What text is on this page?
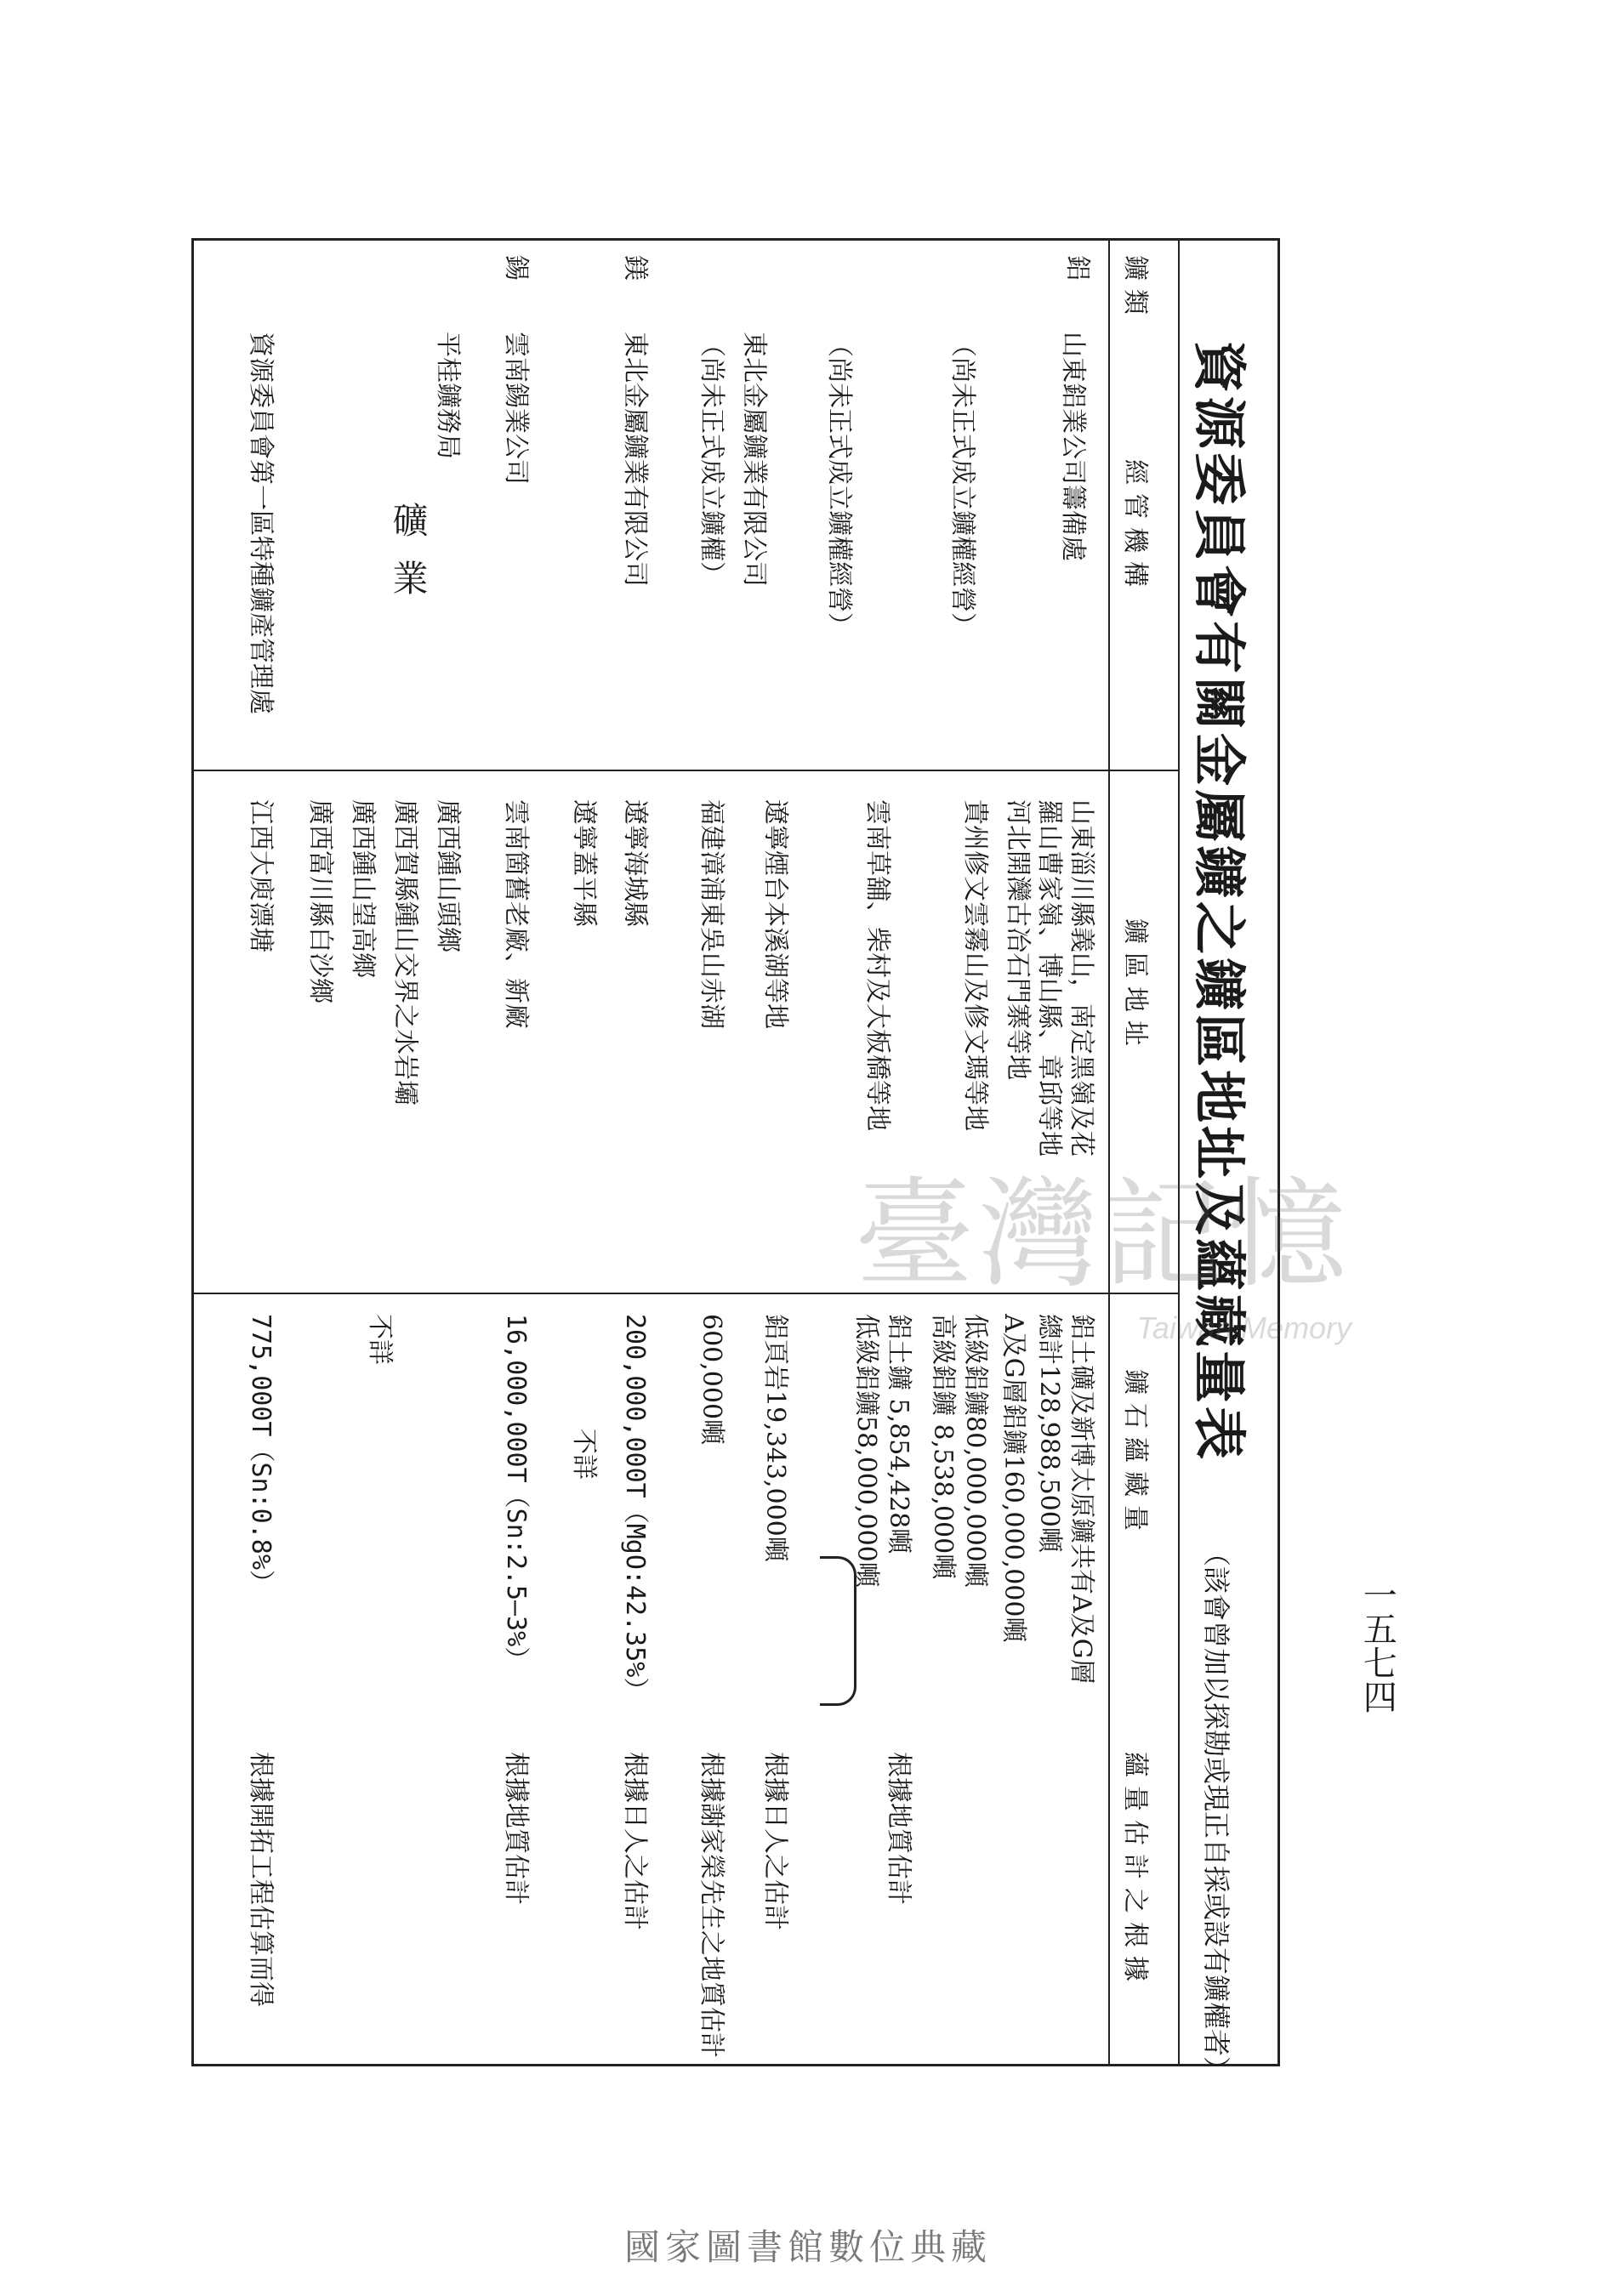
礦業
一五七四
資源委員會有關金屬鑛之鑛區地址及蘊藏量表
（該會曾加以探勘或現正自採或設有鑛權者）
鑛類
經管機構
鑛區地址
鑛石蘊藏量
蘊量估計之根據
鋁
山東鋁業公司籌備處
山東淄川縣義山，南定黑嶺及花
羅山曹家嶺、博山縣、章邱等地
鋁土礦及新博太原鑛共有A及G層
總計128,988,500噸
（尚未正式成立鑛權經營）
河北開灤古冶石門寨等地
A及G層鋁鑛160,000,000噸
貴州修文雲霧山及修文瑪等地
低級鋁鑛80,000,000噸
高級鋁鑛 8,538,000噸
（尚未正式成立鑛權經營）
雲南草舖、柴村及大板橋等地
鋁土鑛 5,854,428噸
低級鋁鑛58,000,000噸
根據地質估計
東北金屬鑛業有限公司
遼寧煙台本溪湖等地
鋁頁岩19,343,000噸
根據日人之估計
（尚未正式成立鑛權）
福建漳浦東吳山赤湖
600,000噸
根據謝家榮先生之地質估計
鎂
東北金屬鑛業有限公司
遼寧海城縣
200,000,000T（MgO:42.35%）
根據日人之估計
遼寧蓋平縣
不詳
錫
雲南錫業公司
雲南箇舊老廠、新廠
16,000,000T（Sn:2.5—3%）
根據地質估計
平桂鑛務局
廣西鍾山頭鄉
廣西賀縣鍾山交界之水岩壩
不詳
廣西鍾山望高鄉
廣西富川縣白沙鄉
資源委員會第一區特種鑛產管理處
江西大庾漂塘
775,000T（Sn:0.8%）
根據開拓工程估算而得
臺灣記憶
Taiwan Memory
國家圖書館數位典藏
